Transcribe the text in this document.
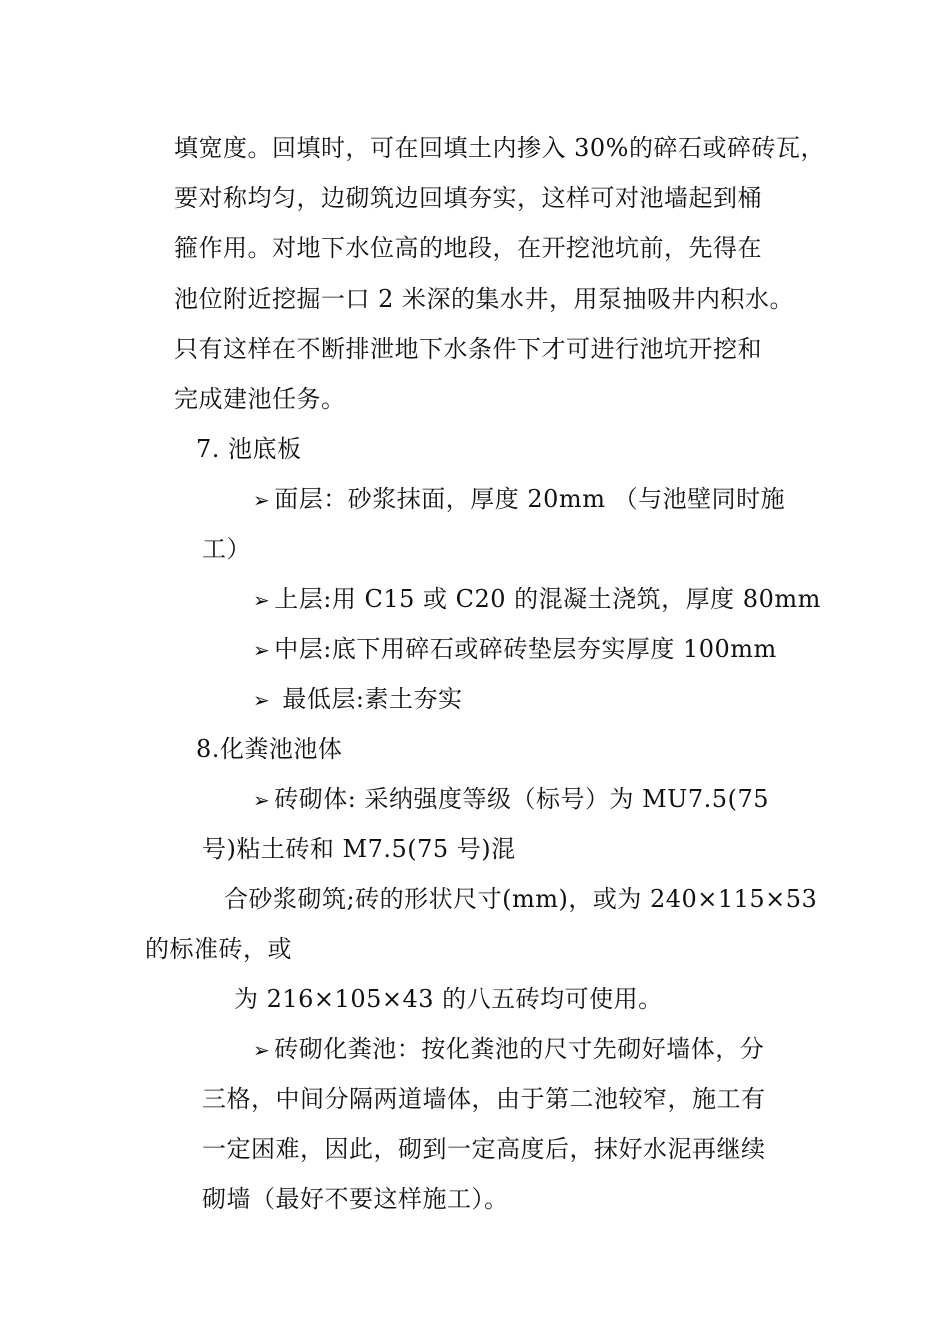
填宽度。回填时，可在回填土内掺入 30%的碎石或碎砖瓦，
要对称均匀，边砌筑边回填夯实，这样可对池墙起到桶
箍作用。对地下水位高的地段，在开挖池坑前，先得在
池位附近挖掘一口 2 米深的集水井，用泵抽吸井内积水。
只有这样在不断排泄地下水条件下才可进行池坑开挖和
完成建池任务。
7. 池底板
➢ 面层：砂浆抹面，厚度 20mm （与池壁同时施
工）
➢ 上层:用 C15 或 C20 的混凝土浇筑，厚度 80mm
➢ 中层:底下用碎石或碎砖垫层夯实厚度 100mm
➢ 最低层:素土夯实
8.化粪池池体
➢ 砖砌体: 采纳强度等级（标号）为 MU7.5(75
号)粘土砖和 M7.5(75 号)混
合砂浆砌筑;砖的形状尺寸(mm)，或为 240×115×53
的标准砖，或
为 216×105×43 的八五砖均可使用。
➢ 砖砌化粪池：按化粪池的尺寸先砌好墙体，分
三格，中间分隔两道墙体，由于第二池较窄，施工有
一定困难，因此，砌到一定高度后，抹好水泥再继续
砌墙（最好不要这样施工）。
